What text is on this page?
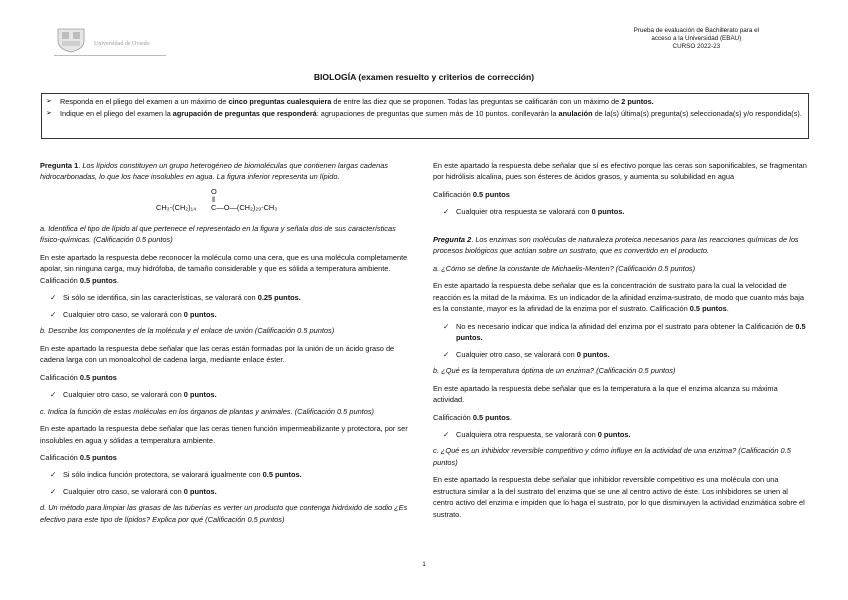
Universidad de Oviedo
Prueba de evaluación de Bachillerato para el
acceso a la Universidad (EBAU)
CURSO 2022-23
BIOLOGÍA (examen resuelto y criterios de corrección)
➢	Responda en el pliego del examen a un máximo de cinco preguntas cualesquiera de entre las diez que se proponen. Todas las preguntas se calificarán con un máximo de 2 puntos.
➢	Indique en el pliego del examen la agrupación de preguntas que responderá: agrupaciones de preguntas que sumen más de 10 puntos. conllevarán la anulación de la(s) última(s) pregunta(s) seleccionada(s) y/o respondida(s).

Pregunta 1. Los lípidos constituyen un grupo heterogéneo de biomoléculas que contienen largas cadenas hidrocarbonadas, lo que los hace insolubles en agua. La figura inferior representa un lípido.

O
‖
CH₃-(CH₂)₁₄ C—O—(CH₂)₂₉-CH₃

a. Identifica el tipo de lípido al que pertenece el representado en la figura y señala dos de sus características físico-químicas. (Calificación 0.5 puntos)

En este apartado la respuesta debe reconocer la molécula como una cera, que es una molécula completamente apolar, sin ninguna carga, muy hidrófoba, de tamaño considerable y que es sólida a temperatura ambiente. Calificación 0.5 puntos.

✓ Si sólo se identifica, sin las características, se valorará con 0.25 puntos.
✓ Cualquier otro caso, se valorará con 0 puntos.

b. Describe los componentes de la molécula y el enlace de unión (Calificación 0.5 puntos)

En este apartado la respuesta debe señalar que las ceras están formadas por la unión de un ácido graso de cadena larga con un monoalcohol de cadena larga, mediante enlace éster.

Calificación 0.5 puntos

✓ Cualquier otro caso, se valorará con 0 puntos.

c. Indica la función de estas moléculas en los órganos de plantas y animales. (Calificación 0.5 puntos)

En este apartado la respuesta debe señalar que las ceras tienen función impermeabilizante y protectora, por ser insolubles en agua y sólidas a temperatura ambiente.

Calificación 0.5 puntos

✓ Si sólo indica función protectora, se valorará igualmente con 0.5 puntos.
✓ Cualquier otro caso, se valorará con 0 puntos.

d. Un método para limpiar las grasas de las tuberías es verter un producto que contenga hidróxido de sodio ¿Es efectivo para este tipo de lípidos? Explica por qué (Calificación 0.5 puntos)

En este apartado la respuesta debe señalar que sí es efectivo porque las ceras son saponificables, se fragmentan por hidrólisis alcalina, pues son ésteres de ácidos grasos, y aumenta su solubilidad en agua

Calificación 0.5 puntos

✓ Cualquier otra respuesta se valorará con 0 puntos.

Pregunta 2. Los enzimas son moléculas de naturaleza proteica necesarios para las reacciones químicas de los procesos biológicos que actúan sobre un sustrato, que es convertido en el producto.

a. ¿Cómo se define la constante de Michaelis-Menten? (Calificación 0.5 puntos)

En este apartado la respuesta debe señalar que es la concentración de sustrato para la cual la velocidad de reacción es la mitad de la máxima. Es un indicador de la afinidad enzima-sustrato, de modo que cuanto más baja es la constante, mayor es la afinidad de la enzima por el sustrato. Calificación 0.5 puntos.

✓ No es necesario indicar que indica la afinidad del enzima por el sustrato para obtener la Calificación de 0.5 puntos.
✓ Cualquier otro caso, se valorará con 0 puntos.

b. ¿Qué es la temperatura óptima de un enzima? (Calificación 0.5 puntos)

En este apartado la respuesta debe señalar que es la temperatura a la que el enzima alcanza su máxima actividad.

Calificación 0.5 puntos.

✓ Cualquiera otra respuesta, se valorará con 0 puntos.

c. ¿Qué es un inhibidor reversible competitivo y cómo influye en la actividad de una enzima? (Calificación 0.5 puntos)

En este apartado la respuesta debe señalar que inhibidor reversible competitivo es una molécula con una estructura similar a la del sustrato del enzima que se une al centro activo de éste. Los inhibidores se unen al centro activo del enzima e impiden que lo haga el sustrato, por lo que disminuyen la actividad enzimática sobre el sustrato.

1
